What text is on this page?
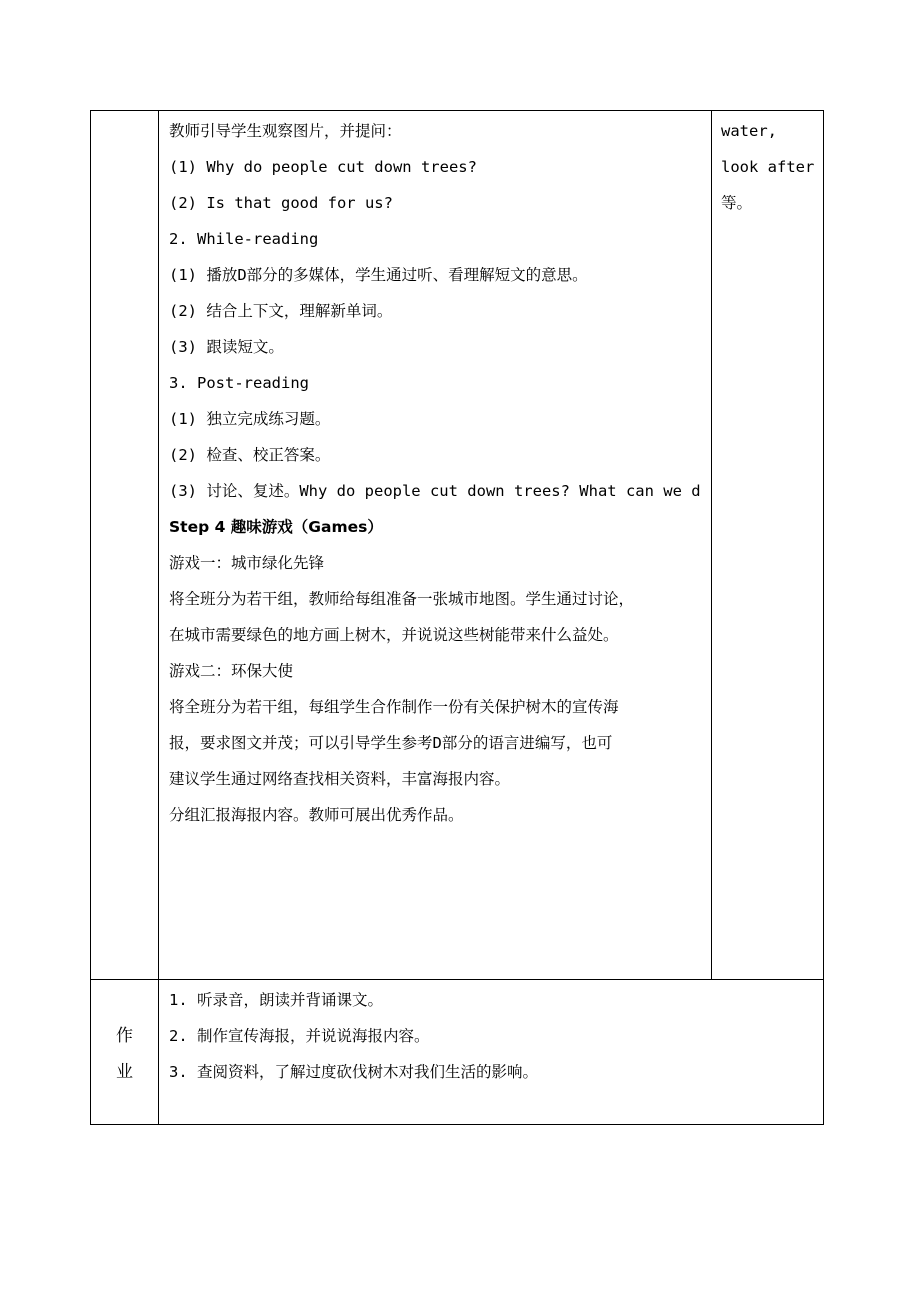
教师引导学生观察图片，并提问：
(1) Why do people cut down trees?
(2) Is that good for us?
2. While-reading
(1) 播放D部分的多媒体，学生通过听、看理解短文的意思。
(2) 结合上下文，理解新单词。
(3) 跟读短文。
3. Post-reading
(1) 独立完成练习题。
(2) 检查、校正答案。
(3) 讨论、复述。Why do people cut down trees? What can we d
Step 4 趣味游戏（Games）
游戏一：城市绿化先锋
将全班分为若干组，教师给每组准备一张城市地图。学生通过讨论，
在城市需要绿色的地方画上树木，并说说这些树能带来什么益处。
游戏二：环保大使
将全班分为若干组，每组学生合作制作一份有关保护树木的宣传海
报，要求图文并茂；可以引导学生参考D部分的语言进编写，也可
建议学生通过网络查找相关资料，丰富海报内容。
分组汇报海报内容。教师可展出优秀作品。
water,
look after
等。
作
业
1. 听录音，朗读并背诵课文。
2. 制作宣传海报，并说说海报内容。
3. 查阅资料，了解过度砍伐树木对我们生活的影响。
